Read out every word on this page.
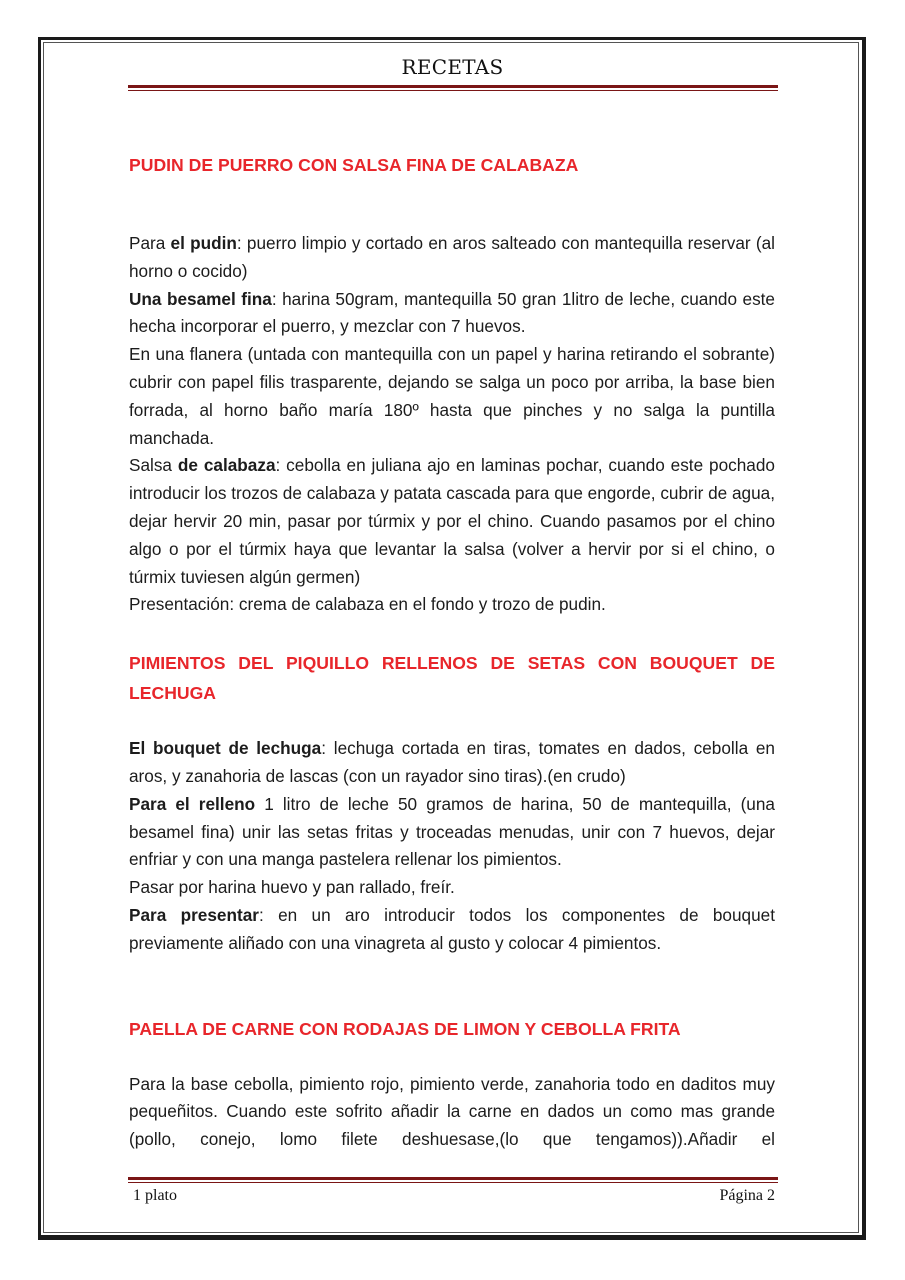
RECETAS

PUDIN DE PUERRO CON SALSA FINA DE CALABAZA

Para el pudin: puerro limpio y cortado en aros salteado con mantequilla reservar (al horno o cocido)

Una besamel fina: harina 50gram, mantequilla 50 gran 1litro de leche, cuando este hecha incorporar el puerro, y mezclar con 7 huevos.

En una flanera (untada con mantequilla con un papel y harina retirando el sobrante) cubrir con papel filis trasparente, dejando se salga un poco por arriba, la base bien forrada, al horno baño maría 180º hasta que pinches y no salga la puntilla manchada.

Salsa de calabaza: cebolla en juliana ajo en laminas pochar, cuando este pochado introducir los trozos de calabaza y patata cascada para que engorde, cubrir de agua, dejar hervir 20 min, pasar por túrmix y por el chino. Cuando pasamos por el chino algo o por el túrmix haya que levantar la salsa (volver a hervir por si el chino, o túrmix tuviesen algún germen)

Presentación: crema de calabaza en el fondo y trozo de pudin.

PIMIENTOS DEL PIQUILLO RELLENOS DE SETAS CON BOUQUET DE LECHUGA

El bouquet de lechuga: lechuga cortada en tiras, tomates en dados, cebolla en aros, y zanahoria de lascas (con un rayador sino tiras).(en crudo)

Para el relleno 1 litro de leche 50 gramos de harina, 50 de mantequilla, (una besamel fina) unir las setas fritas y troceadas menudas, unir con 7 huevos, dejar enfriar y con una manga pastelera rellenar los pimientos.

Pasar por harina huevo y pan rallado, freír.

Para presentar: en un aro introducir todos los componentes de bouquet previamente aliñado con una vinagreta al gusto y colocar 4 pimientos.

PAELLA DE CARNE CON RODAJAS DE LIMON Y CEBOLLA FRITA

Para la base cebolla, pimiento rojo, pimiento verde, zanahoria todo en daditos muy pequeñitos. Cuando este sofrito añadir la carne en dados un como mas grande (pollo, conejo, lomo filete deshuesase,(lo que tengamos)).Añadir el

1 plato	Página 2
